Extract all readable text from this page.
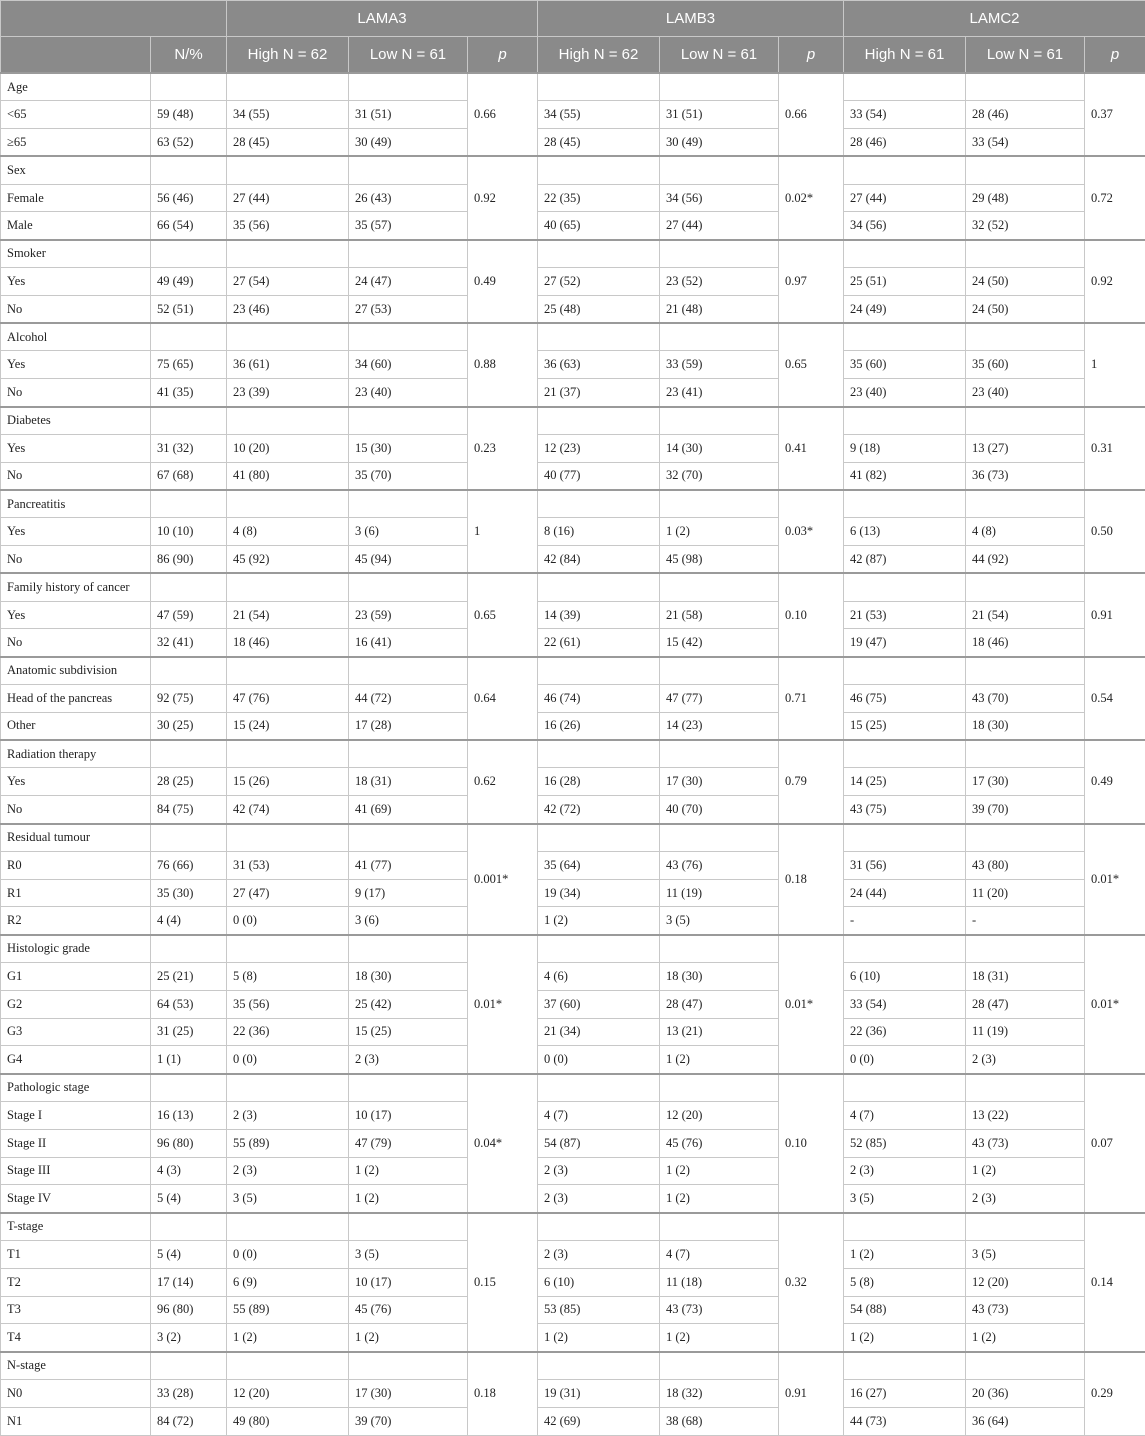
		LAMA3			LAMB3			LAMC2		
	N/%	High N = 62	Low N = 61	p	High N = 62	Low N = 61	p	High N = 61	Low N = 61	p
Age				0.66			0.66			0.37
<65	59 (48)	34 (55)	31 (51)		34 (55)	31 (51)		33 (54)	28 (46)	
≥65	63 (52)	28 (45)	30 (49)		28 (45)	30 (49)		28 (46)	33 (54)	
Sex				0.92			0.02*			0.72
Female	56 (46)	27 (44)	26 (43)		22 (35)	34 (56)		27 (44)	29 (48)	
Male	66 (54)	35 (56)	35 (57)		40 (65)	27 (44)		34 (56)	32 (52)	
Smoker				0.49			0.97			0.92
Yes	49 (49)	27 (54)	24 (47)		27 (52)	23 (52)		25 (51)	24 (50)	
No	52 (51)	23 (46)	27 (53)		25 (48)	21 (48)		24 (49)	24 (50)	
Alcohol				0.88			0.65			1
Yes	75 (65)	36 (61)	34 (60)		36 (63)	33 (59)		35 (60)	35 (60)	
No	41 (35)	23 (39)	23 (40)		21 (37)	23 (41)		23 (40)	23 (40)	
Diabetes				0.23			0.41			0.31
Yes	31 (32)	10 (20)	15 (30)		12 (23)	14 (30)		9 (18)	13 (27)	
No	67 (68)	41 (80)	35 (70)		40 (77)	32 (70)		41 (82)	36 (73)	
Pancreatitis				1			0.03*			0.50
Yes	10 (10)	4 (8)	3 (6)		8 (16)	1 (2)		6 (13)	4 (8)	
No	86 (90)	45 (92)	45 (94)		42 (84)	45 (98)		42 (87)	44 (92)	
Family history of cancer				0.65			0.10			0.91
Yes	47 (59)	21 (54)	23 (59)		14 (39)	21 (58)		21 (53)	21 (54)	
No	32 (41)	18 (46)	16 (41)		22 (61)	15 (42)		19 (47)	18 (46)	
Anatomic subdivision				0.64			0.71			0.54
Head of the pancreas	92 (75)	47 (76)	44 (72)		46 (74)	47 (77)		46 (75)	43 (70)	
Other	30 (25)	15 (24)	17 (28)		16 (26)	14 (23)		15 (25)	18 (30)	
Radiation therapy				0.62			0.79			0.49
Yes	28 (25)	15 (26)	18 (31)		16 (28)	17 (30)		14 (25)	17 (30)	
No	84 (75)	42 (74)	41 (69)		42 (72)	40 (70)		43 (75)	39 (70)	
Residual tumour				0.001*			0.18			0.01*
R0	76 (66)	31 (53)	41 (77)		35 (64)	43 (76)		31 (56)	43 (80)	
R1	35 (30)	27 (47)	9 (17)		19 (34)	11 (19)		24 (44)	11 (20)	
R2	4 (4)	0 (0)	3 (6)		1 (2)	3 (5)		-	-	
Histologic grade				0.01*			0.01*			0.01*
G1	25 (21)	5 (8)	18 (30)		4 (6)	18 (30)		6 (10)	18 (31)	
G2	64 (53)	35 (56)	25 (42)		37 (60)	28 (47)		33 (54)	28 (47)	
G3	31 (25)	22 (36)	15 (25)		21 (34)	13 (21)		22 (36)	11 (19)	
G4	1 (1)	0 (0)	2 (3)		0 (0)	1 (2)		0 (0)	2 (3)	
Pathologic stage				0.04*			0.10			0.07
Stage I	16 (13)	2 (3)	10 (17)		4 (7)	12 (20)		4 (7)	13 (22)	
Stage II	96 (80)	55 (89)	47 (79)		54 (87)	45 (76)		52 (85)	43 (73)	
Stage III	4 (3)	2 (3)	1 (2)		2 (3)	1 (2)		2 (3)	1 (2)	
Stage IV	5 (4)	3 (5)	1 (2)		2 (3)	1 (2)		3 (5)	2 (3)	
T-stage				0.15			0.32			0.14
T1	5 (4)	0 (0)	3 (5)		2 (3)	4 (7)		1 (2)	3 (5)	
T2	17 (14)	6 (9)	10 (17)		6 (10)	11 (18)		5 (8)	12 (20)	
T3	96 (80)	55 (89)	45 (76)		53 (85)	43 (73)		54 (88)	43 (73)	
T4	3 (2)	1 (2)	1 (2)		1 (2)	1 (2)		1 (2)	1 (2)	
N-stage				0.18			0.91			0.29
N0	33 (28)	12 (20)	17 (30)		19 (31)	18 (32)		16 (27)	20 (36)	
N1	84 (72)	49 (80)	39 (70)		42 (69)	38 (68)		44 (73)	36 (64)	
